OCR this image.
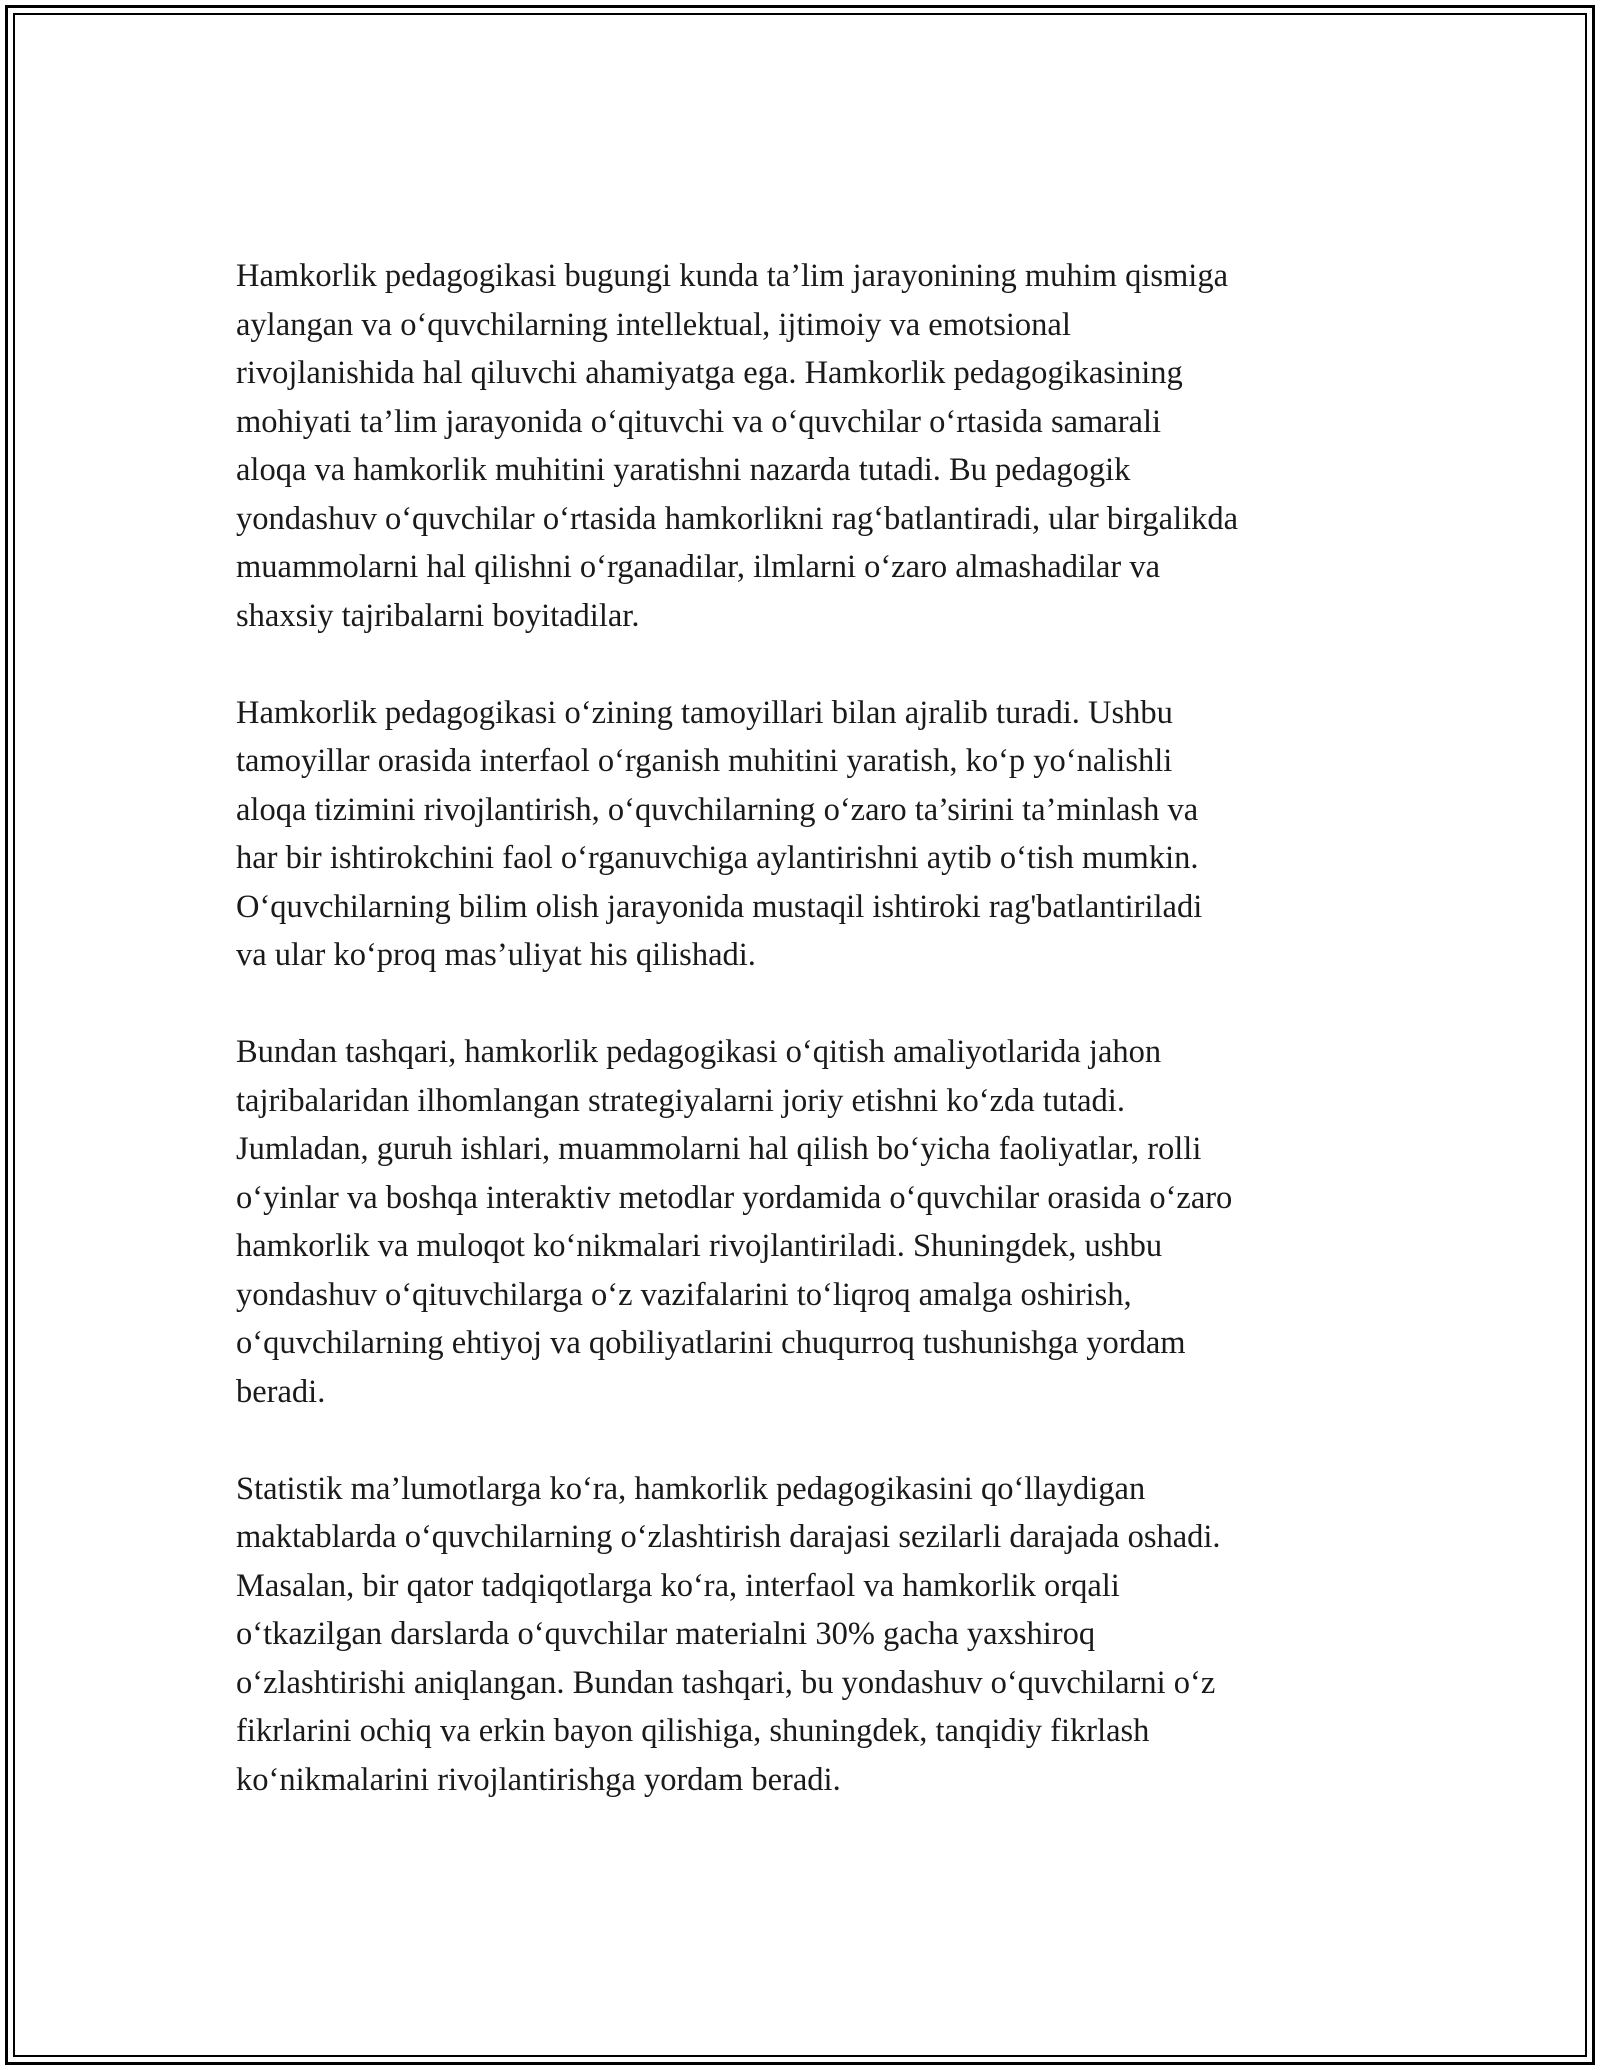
Hamkorlik pedagogikasi bugungi kunda ta’lim jarayonining muhim qismiga
aylangan va o‘quvchilarning intellektual, ijtimoiy va emotsional
rivojlanishida hal qiluvchi ahamiyatga ega. Hamkorlik pedagogikasining
mohiyati ta’lim jarayonida o‘qituvchi va o‘quvchilar o‘rtasida samarali
aloqa va hamkorlik muhitini yaratishni nazarda tutadi. Bu pedagogik
yondashuv o‘quvchilar o‘rtasida hamkorlikni rag‘batlantiradi, ular birgalikda
muammolarni hal qilishni o‘rganadilar, ilmlarni o‘zaro almashadilar va
shaxsiy tajribalarni boyitadilar.

Hamkorlik pedagogikasi o‘zining tamoyillari bilan ajralib turadi. Ushbu
tamoyillar orasida interfaol o‘rganish muhitini yaratish, ko‘p yo‘nalishli
aloqa tizimini rivojlantirish, o‘quvchilarning o‘zaro ta’sirini ta’minlash va
har bir ishtirokchini faol o‘rganuvchiga aylantirishni aytib o‘tish mumkin.
O‘quvchilarning bilim olish jarayonida mustaqil ishtiroki rag'batlantiriladi
va ular ko‘proq mas’uliyat his qilishadi.

Bundan tashqari, hamkorlik pedagogikasi o‘qitish amaliyotlarida jahon
tajribalaridan ilhomlangan strategiyalarni joriy etishni ko‘zda tutadi.
Jumladan, guruh ishlari, muammolarni hal qilish bo‘yicha faoliyatlar, rolli
o‘yinlar va boshqa interaktiv metodlar yordamida o‘quvchilar orasida o‘zaro
hamkorlik va muloqot ko‘nikmalari rivojlantiriladi. Shuningdek, ushbu
yondashuv o‘qituvchilarga o‘z vazifalarini to‘liqroq amalga oshirish,
o‘quvchilarning ehtiyoj va qobiliyatlarini chuqurroq tushunishga yordam
beradi.

Statistik ma’lumotlarga ko‘ra, hamkorlik pedagogikasini qo‘llaydigan
maktablarda o‘quvchilarning o‘zlashtirish darajasi sezilarli darajada oshadi.
Masalan, bir qator tadqiqotlarga ko‘ra, interfaol va hamkorlik orqali
o‘tkazilgan darslarda o‘quvchilar materialni 30% gacha yaxshiroq
o‘zlashtirishi aniqlangan. Bundan tashqari, bu yondashuv o‘quvchilarni o‘z
fikrlarini ochiq va erkin bayon qilishiga, shuningdek, tanqidiy fikrlash
ko‘nikmalarini rivojlantirishga yordam beradi.
